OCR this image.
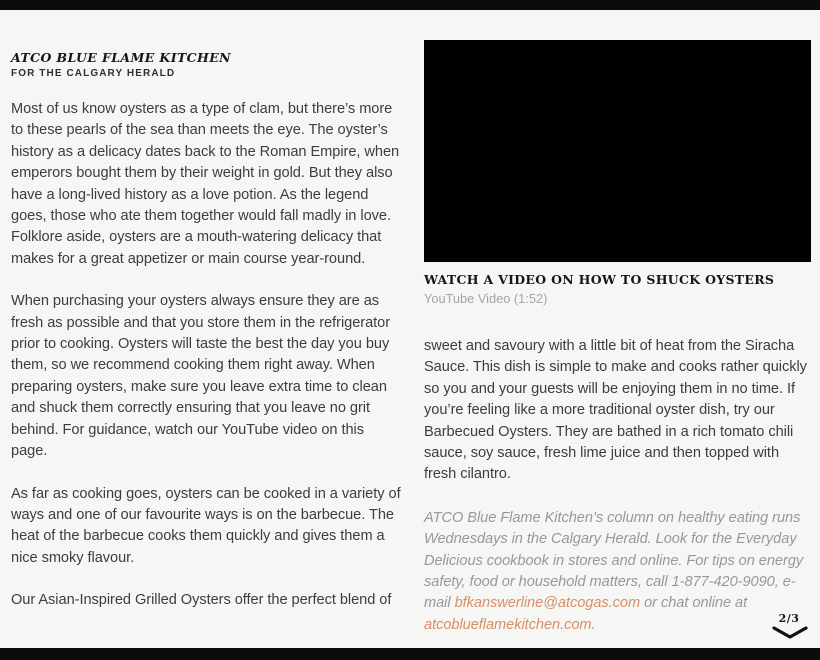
ATCO BLUE FLAME KITCHEN
FOR THE CALGARY HERALD

Most of us know oysters as a type of clam, but there’s more to these pearls of the sea than meets the eye. The oyster’s history as a delicacy dates back to the Roman Empire, when emperors bought them by their weight in gold. But they also have a long-lived history as a love potion. As the legend goes, those who ate them together would fall madly in love. Folklore aside, oysters are a mouth-watering delicacy that makes for a great appetizer or main course year-round.

When purchasing your oysters always ensure they are as fresh as possible and that you store them in the refrigerator prior to cooking. Oysters will taste the best the day you buy them, so we recommend cooking them right away. When preparing oysters, make sure you leave extra time to clean and shuck them correctly ensuring that you leave no grit behind. For guidance, watch our YouTube video on this page.

As far as cooking goes, oysters can be cooked in a variety of ways and one of our favourite ways is on the barbecue. The heat of the barbecue cooks them quickly and gives them a nice smoky flavour.

Our Asian-Inspired Grilled Oysters offer the perfect blend of

WATCH A VIDEO ON HOW TO SHUCK OYSTERS
YouTube Video (1:52)

sweet and savoury with a little bit of heat from the Siracha Sauce. This dish is simple to make and cooks rather quickly so you and your guests will be enjoying them in no time. If you’re feeling like a more traditional oyster dish, try our Barbecued Oysters. They are bathed in a rich tomato chili sauce, soy sauce, fresh lime juice and then topped with fresh cilantro.

ATCO Blue Flame Kitchen’s column on healthy eating runs Wednesdays in the Calgary Herald. Look for the Everyday Delicious cookbook in stores and online. For tips on energy safety, food or household matters, call 1-877-420-9090, e-mail bfkanswerline@atcogas.com or chat online at atcoblueflamekitchen.com.	2/3
